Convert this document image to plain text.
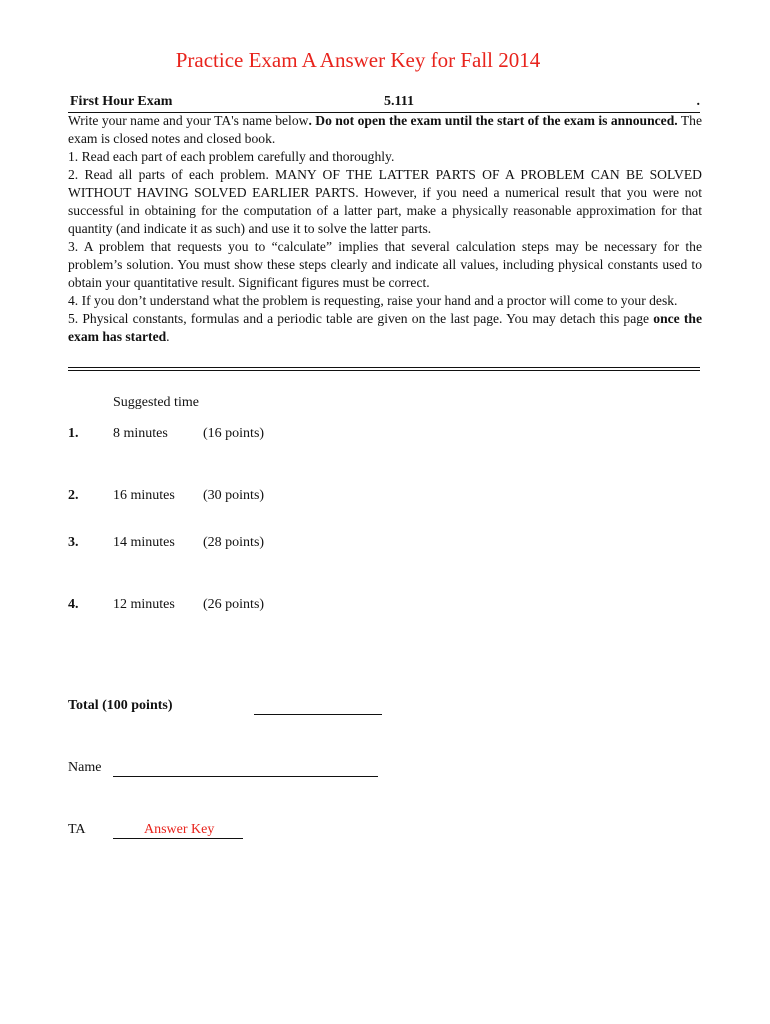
Practice Exam A Answer Key for Fall 2014
First Hour Exam	5.111	.

Write your name and your TA's name below. Do not open the exam until the start of the exam is announced. The exam is closed notes and closed book.

1. Read each part of each problem carefully and thoroughly.

2. Read all parts of each problem. MANY OF THE LATTER PARTS OF A PROBLEM CAN BE SOLVED WITHOUT HAVING SOLVED EARLIER PARTS. However, if you need a numerical result that you were not successful in obtaining for the computation of a latter part, make a physically reasonable approximation for that quantity (and indicate it as such) and use it to solve the latter parts.

3. A problem that requests you to “calculate” implies that several calculation steps may be necessary for the problem’s solution. You must show these steps clearly and indicate all values, including physical constants used to obtain your quantitative result. Significant figures must be correct.

4. If you don’t understand what the problem is requesting, raise your hand and a proctor will come to your desk.

5. Physical constants, formulas and a periodic table are given on the last page. You may detach this page once the exam has started.

Suggested time
1. 8 minutes	(16 points)
2. 16 minutes (30 points)
3. 14 minutes (28 points)
4. 12 minutes (26 points)
Total (100 points)
Name
TA	Answer Key
